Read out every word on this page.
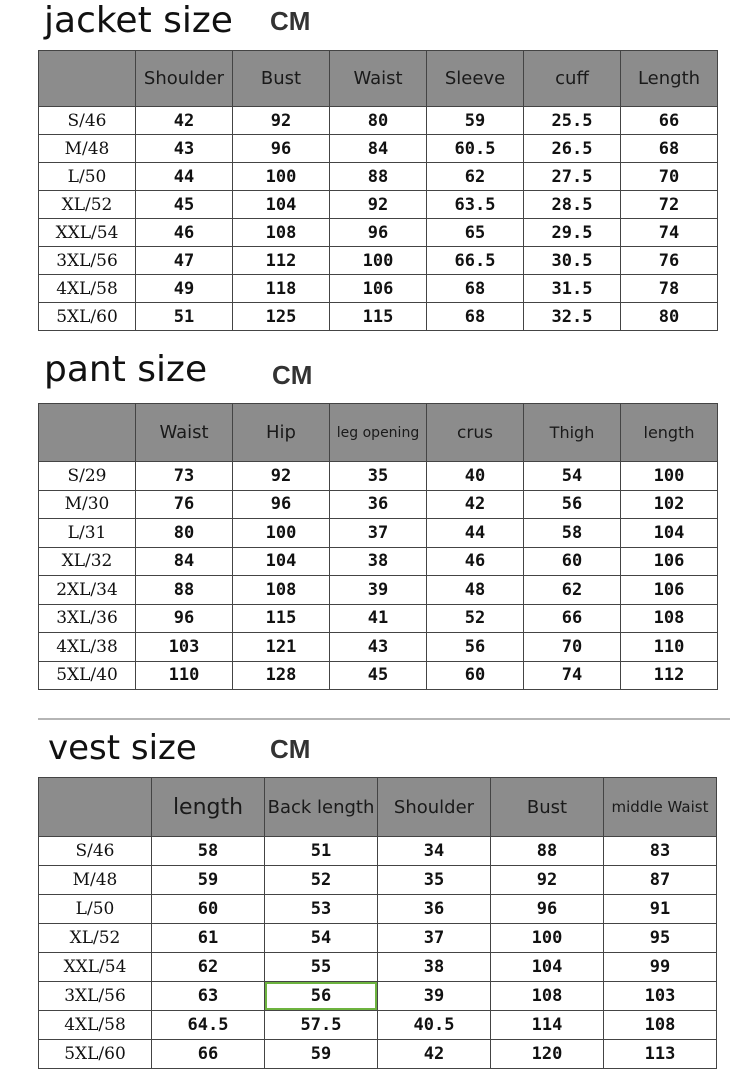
jacket size CM
	Shoulder	Bust	Waist	Sleeve	cuff	Length
S/46	42	92	80	59	25.5	66
M/48	43	96	84	60.5	26.5	68
L/50	44	100	88	62	27.5	70
XL/52	45	104	92	63.5	28.5	72
XXL/54	46	108	96	65	29.5	74
3XL/56	47	112	100	66.5	30.5	76
4XL/58	49	118	106	68	31.5	78
5XL/60	51	125	115	68	32.5	80
pant size CM
	Waist	Hip	leg opening	crus	Thigh	length
S/29	73	92	35	40	54	100
M/30	76	96	36	42	56	102
L/31	80	100	37	44	58	104
XL/32	84	104	38	46	60	106
2XL/34	88	108	39	48	62	106
3XL/36	96	115	41	52	66	108
4XL/38	103	121	43	56	70	110
5XL/40	110	128	45	60	74	112
vest size	CM
	length	Back length	Shoulder	Bust	middle Waist
S/46	58	51	34	88	83
M/48	59	52	35	92	87
L/50	60	53	36	96	91
XL/52	61	54	37	100	95
XXL/54	62	55	38	104	99
3XL/56	63	56	39	108	103
4XL/58	64.5	57.5	40.5	114	108
5XL/60	66	59	42	120	113
